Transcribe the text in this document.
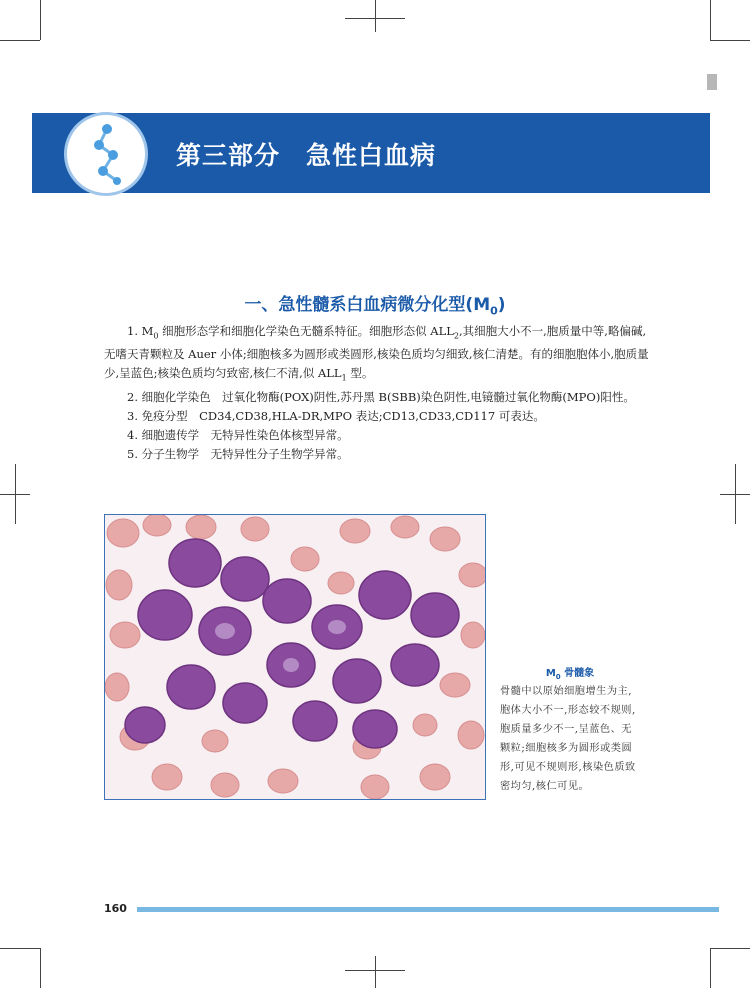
第三部分　急性白血病
一、急性髓系白血病微分化型$(M_0)$

1. $M_0$ 细胞形态学和细胞化学染色无髓系特征。细胞形态似 $ALL_2$,其细胞大小不一,胞质量中等,略偏碱,无嗜天青颗粒及 Auer 小体;细胞核多为圆形或类圆形,核染色质均匀细致,核仁清楚。有的细胞胞体小,胞质量少,呈蓝色;核染色质均匀致密,核仁不清,似 $ALL_1$ 型。

2. 细胞化学染色　过氧化物酶(POX)阴性,苏丹黑 B(SBB)染色阴性,电镜髓过氧化物酶(MPO)阳性。

3. 免疫分型　CD34,CD38,HLA-DR,MPO 表达;CD13,CD33,CD117 可表达。

4. 细胞遗传学　无特异性染色体核型异常。

5. 分子生物学　无特异性分子生物学异常。

$M_0$ 骨髓象
骨髓中以原始细胞增生为主,胞体大小不一,形态较不规则,胞质量多少不一,呈蓝色、无颗粒;细胞核多为圆形或类圆形,可见不规则形,核染色质致密均匀,核仁可见。
160
